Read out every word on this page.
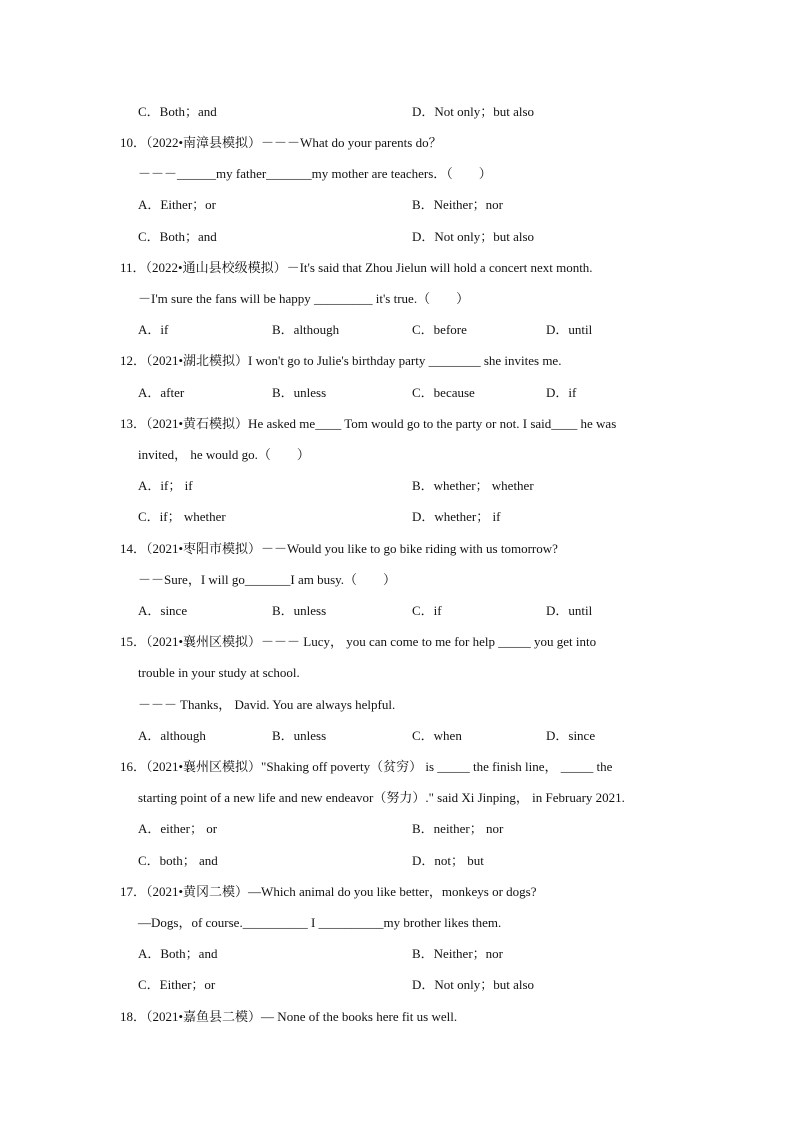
C．Both；and	D．Not only；but also
10．（2022•南漳县模拟）－－－What do your parents do？
－－－______my father_______my mother are teachers．（　　）
A．Either；or	B．Neither；nor
C．Both；and	D．Not only；but also
11．（2022•通山县校级模拟）－It's said that Zhou Jielun will hold a concert next month.
－I'm sure the fans will be happy _________ it's true.（　　）
A．if	B．although	C．before	D．until
12．（2021•湖北模拟）I won't go to Julie's birthday party ________ she invites me.
A．after	B．unless	C．because	D．if
13．（2021•黄石模拟）He asked me____ Tom would go to the party or not. I said____ he was
invited， he would go.（　　）
A．if； if	B．whether； whether
C．if； whether	D．whether； if
14．（2021•枣阳市模拟）－－Would you like to go bike riding with us tomorrow?
－－Sure，I will go_______I am busy.（　　）
A．since	B．unless	C．if	D．until
15．（2021•襄州区模拟）－－－ Lucy， you can come to me for help _____ you get into
trouble in your study at school.
－－－ Thanks， David. You are always helpful.
A．although	B．unless	C．when	D．since
16．（2021•襄州区模拟）"Shaking off poverty（贫穷） is _____ the finish line， _____ the
starting point of a new life and new endeavor（努力）." said Xi Jinping， in February 2021.
A．either； or	B．neither； nor
C．both； and	D．not； but
17．（2021•黄冈二模）—Which animal do you like better，monkeys or dogs?
—Dogs，of course.__________ I __________my brother likes them.
A．Both；and	B．Neither；nor
C．Either；or	D．Not only；but also
18．（2021•嘉鱼县二模）— None of the books here fit us well.
